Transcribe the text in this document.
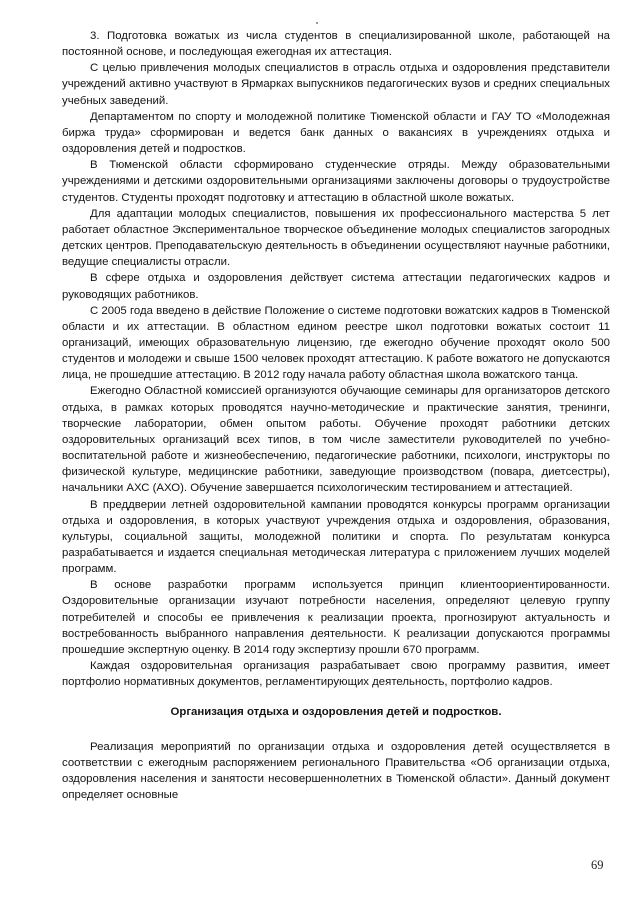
3. Подготовка вожатых из числа студентов в специализированной школе, работающей на постоянной основе, и последующая ежегодная их аттестация.

С целью привлечения молодых специалистов в отрасль отдыха и оздоровления представители учреждений активно участвуют в Ярмарках выпускников педагогических вузов и средних специальных учебных заведений.

Департаментом по спорту и молодежной политике Тюменской области и ГАУ ТО «Молодежная биржа труда» сформирован и ведется банк данных о вакансиях в учреждениях отдыха и оздоровления детей и подростков.

В Тюменской области сформировано студенческие отряды. Между образовательными учреждениями и детскими оздоровительными организациями заключены договоры о трудоустройстве студентов. Студенты проходят подготовку и аттестацию в областной школе вожатых.

Для адаптации молодых специалистов, повышения их профессионального мастерства 5 лет работает областное Экспериментальное творческое объединение молодых специалистов загородных детских центров. Преподавательскую деятельность в объединении осуществляют научные работники, ведущие специалисты отрасли.

В сфере отдыха и оздоровления действует система аттестации педагогических кадров и руководящих работников.

С 2005 года введено в действие Положение о системе подготовки вожатских кадров в Тюменской области и их аттестации. В областном едином реестре школ подготовки вожатых состоит 11 организаций, имеющих образовательную лицензию, где ежегодно обучение проходят около 500 студентов и молодежи и свыше 1500 человек проходят аттестацию. К работе вожатого не допускаются лица, не прошедшие аттестацию. В 2012 году начала работу областная школа вожатского танца.

Ежегодно Областной комиссией организуются обучающие семинары для организаторов детского отдыха, в рамках которых проводятся научно-методические и практические занятия, тренинги, творческие лаборатории, обмен опытом работы. Обучение проходят работники детских оздоровительных организаций всех типов, в том числе заместители руководителей по учебно-воспитательной работе и жизнеобеспечению, педагогические работники, психологи, инструкторы по физической культуре, медицинские работники, заведующие производством (повара, диетсестры), начальники АХС (АХО). Обучение завершается психологическим тестированием и аттестацией.

В преддверии летней оздоровительной кампании проводятся конкурсы программ организации отдыха и оздоровления, в которых участвуют учреждения отдыха и оздоровления, образования, культуры, социальной защиты, молодежной политики и спорта. По результатам конкурса разрабатывается и издается специальная методическая литература с приложением лучших моделей программ.

В основе разработки программ используется принцип клиентоориентированности. Оздоровительные организации изучают потребности населения, определяют целевую группу потребителей и способы ее привлечения к реализации проекта, прогнозируют актуальность и востребованность выбранного направления деятельности. К реализации допускаются программы прошедшие экспертную оценку. В 2014 году экспертизу прошли 670 программ.

Каждая оздоровительная организация разрабатывает свою программу развития, имеет портфолио нормативных документов, регламентирующих деятельность, портфолио кадров.

Организация отдыха и оздоровления детей и подростков.

Реализация мероприятий по организации отдыха и оздоровления детей осуществляется в соответствии с ежегодным распоряжением регионального Правительства «Об организации отдыха, оздоровления населения и занятости несовершеннолетних в Тюменской области». Данный документ определяет основные

69
